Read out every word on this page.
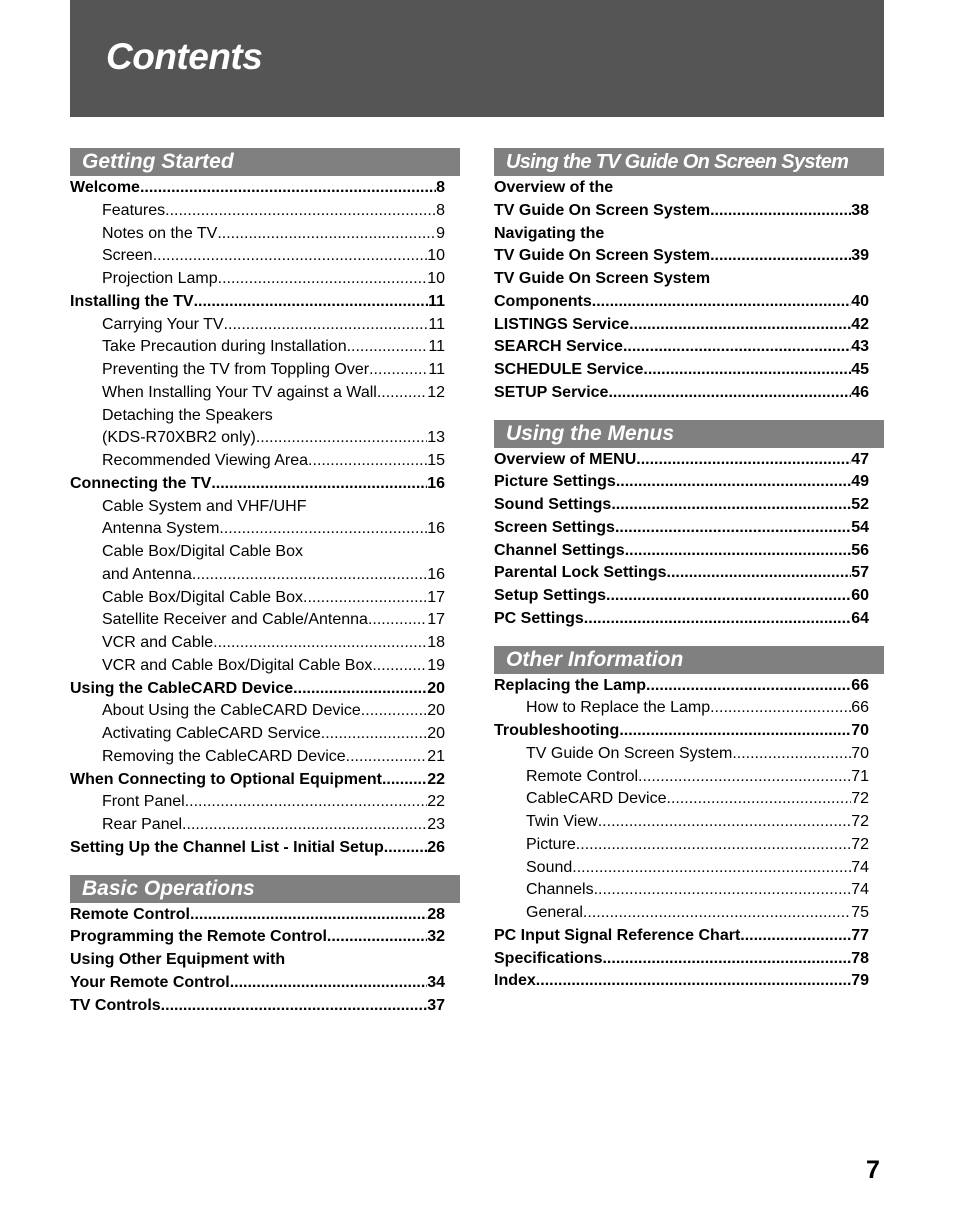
Contents
Getting Started
Welcome .....	8
Features .....	8
Notes on the TV .....	9
Screen .....	10
Projection Lamp .....	10
Installing the TV .....	11
Carrying Your TV .....	11
Take Precaution during Installation .....	11
Preventing the TV from Toppling Over .....	11
When Installing Your TV against a Wall .....	12
Detaching the Speakers
(KDS-R70XBR2 only) .....	13
Recommended Viewing Area .....	15
Connecting the TV .....	16
Cable System and VHF/UHF
Antenna System .....	16
Cable Box/Digital Cable Box
and Antenna .....	16
Cable Box/Digital Cable Box .....	17
Satellite Receiver and Cable/Antenna .....	17
VCR and Cable .....	18
VCR and Cable Box/Digital Cable Box .....	19
Using the CableCARD Device .....	20
About Using the CableCARD Device .....	20
Activating CableCARD Service .....	20
Removing the CableCARD Device .....	21
When Connecting to Optional Equipment .....	22
Front Panel .....	22
Rear Panel .....	23
Setting Up the Channel List - Initial Setup .....	26
Basic Operations
Remote Control .....	28
Programming the Remote Control .....	32
Using Other Equipment with
Your Remote Control .....	34
TV Controls .....	37
Using the TV Guide On Screen System
Overview of the
TV Guide On Screen System .....	38
Navigating the
TV Guide On Screen System .....	39
TV Guide On Screen System
Components .....	40
LISTINGS Service .....	42
SEARCH Service .....	43
SCHEDULE Service .....	45
SETUP Service .....	46
Using the Menus
Overview of MENU .....	47
Picture Settings .....	49
Sound Settings .....	52
Screen Settings .....	54
Channel Settings .....	56
Parental Lock Settings .....	57
Setup Settings .....	60
PC Settings .....	64
Other Information
Replacing the Lamp .....	66
How to Replace the Lamp .....	66
Troubleshooting .....	70
TV Guide On Screen System .....	70
Remote Control .....	71
CableCARD Device .....	72
Twin View .....	72
Picture .....	72
Sound .....	74
Channels .....	74
General .....	75
PC Input Signal Reference Chart .....	77
Specifications .....	78
Index .....	79
7
